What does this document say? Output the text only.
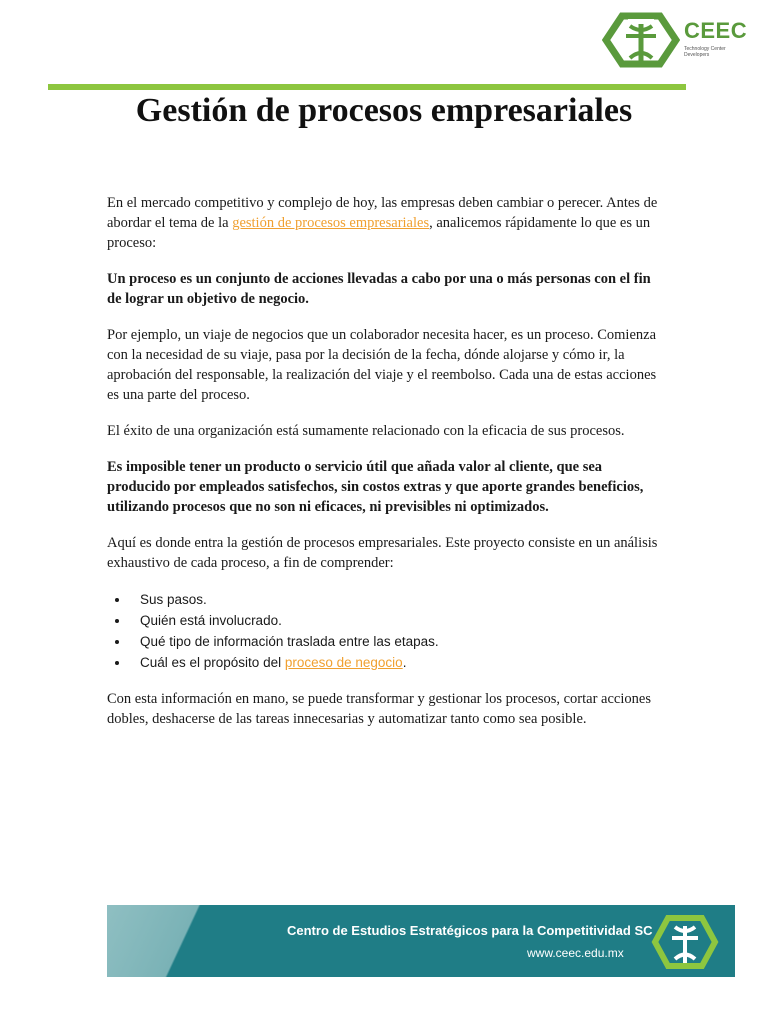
CEEC
Technology Center Developers
Gestión de procesos empresariales

En el mercado competitivo y complejo de hoy, las empresas deben cambiar o perecer. Antes de abordar el tema de la gestión de procesos empresariales, analicemos rápidamente lo que es un proceso:

Un proceso es un conjunto de acciones llevadas a cabo por una o más personas con el fin de lograr un objetivo de negocio.

Por ejemplo, un viaje de negocios que un colaborador necesita hacer, es un proceso. Comienza con la necesidad de su viaje, pasa por la decisión de la fecha, dónde alojarse y cómo ir, la aprobación del responsable, la realización del viaje y el reembolso. Cada una de estas acciones es una parte del proceso.

El éxito de una organización está sumamente relacionado con la eficacia de sus procesos.

Es imposible tener un producto o servicio útil que añada valor al cliente, que sea producido por empleados satisfechos, sin costos extras y que aporte grandes beneficios, utilizando procesos que no son ni eficaces, ni previsibles ni optimizados.

Aquí es donde entra la gestión de procesos empresariales. Este proyecto consiste en un análisis exhaustivo de cada proceso, a fin de comprender:

• Sus pasos.
• Quién está involucrado.
• Qué tipo de información traslada entre las etapas.
• Cuál es el propósito del proceso de negocio.

Con esta información en mano, se puede transformar y gestionar los procesos, cortar acciones dobles, deshacerse de las tareas innecesarias y automatizar tanto como sea posible.

Centro de Estudios Estratégicos para la Competitividad SC
www.ceec.edu.mx
